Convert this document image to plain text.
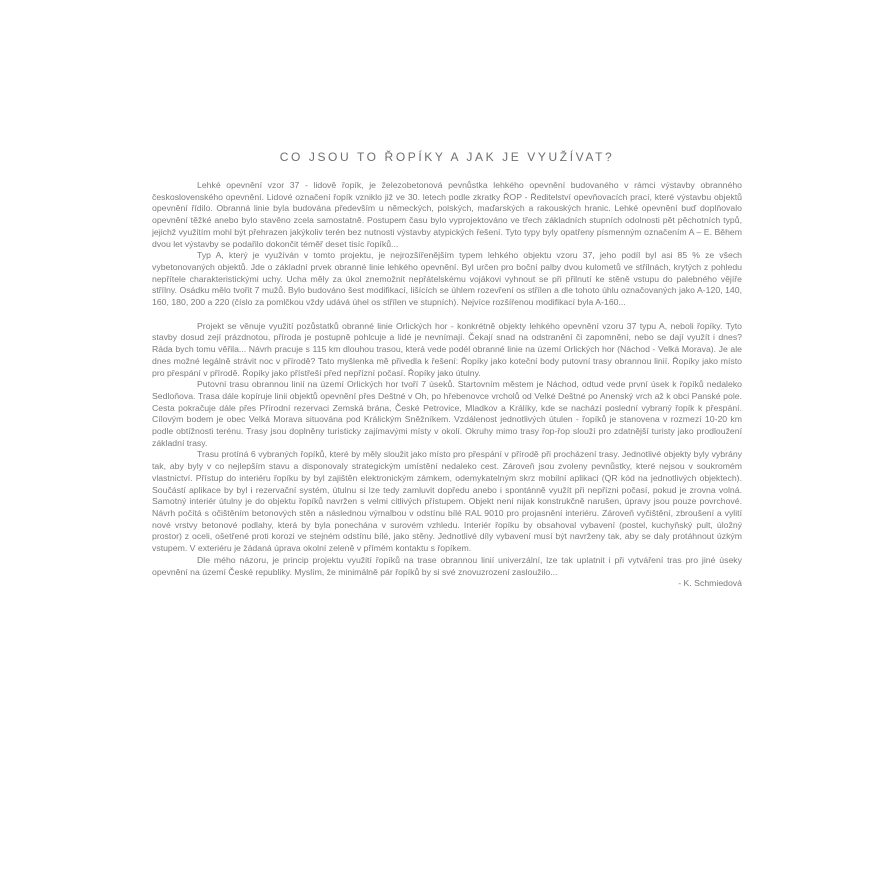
CO JSOU TO ŘOPÍKY A JAK JE VYUŽÍVAT?

Lehké opevnění vzor 37 - lidově řopík, je železobetonová pevnůstka lehkého opevnění budovaného v rámci výstavby obranného československého opevnění. Lidové označení řopík vzniklo již ve 30. letech podle zkratky ŘOP - Ředitelství opevňovacích prací, které výstavbu objektů opevnění řídilo. Obranná linie byla budována především u německých, polských, maďarských a rakouských hranic. Lehké opevnění buď doplňovalo opevnění těžké anebo bylo stavěno zcela samostatně. Postupem času bylo vyprojektováno ve třech základních stupních odolnosti pět pěchotních typů, jejichž využitím mohl být přehrazen jakýkoliv terén bez nutnosti výstavby atypických řešení. Tyto typy byly opatřeny písmenným označením A – E. Během dvou let výstavby se podařilo dokončit téměř deset tisíc řopíků...

Typ A, který je využíván v tomto projektu, je nejrozšířenějším typem lehkého objektu vzoru 37, jeho podíl byl asi 85 % ze všech vybetonovaných objektů. Jde o základní prvek obranné linie lehkého opevnění. Byl určen pro boční palby dvou kulometů ve střílnách, krytých z pohledu nepřítele charakteristickými uchy. Ucha měly za úkol znemožnit nepřátelskému vojákovi vyhnout se při přilnutí ke stěně vstupu do palebného vějíře střílny. Osádku mělo tvořit 7 mužů. Bylo budováno šest modifikací, lišících se úhlem rozevření os střílen a dle tohoto úhlu označovaných jako A-120, 140, 160, 180, 200 a 220 (číslo za pomlčkou vždy udává úhel os střílen ve stupních). Nejvíce rozšířenou modifikací byla A-160...

Projekt se věnuje využití pozůstatků obranné linie Orlických hor - konkrétně objekty lehkého opevnění vzoru 37 typu A, neboli řopíky. Tyto stavby dosud zejí prázdnotou, příroda je postupně pohlcuje a lidé je nevnímají. Čekají snad na odstranění či zapomnění, nebo se dají využít i dnes? Ráda bych tomu věřila... Návrh pracuje s 115 km dlouhou trasou, která vede podél obranné linie na území Orlických hor (Náchod - Velká Morava). Je ale dnes možné legálně strávit noc v přírodě? Tato myšlenka mě přivedla k řešení: Řopíky jako koteční body putovní trasy obrannou linií. Řopíky jako místo pro přespání v přírodě. Řopíky jako přístřeší před nepřízní počasí. Řopíky jako útulny.

Putovní trasu obrannou linií na území Orlických hor tvoří 7 úseků. Startovním městem je Náchod, odtud vede první úsek k řopíků nedaleko Sedloňova. Trasa dále kopíruje linii objektů opevnění přes Deštné v Oh, po hřebenovce vrcholů od Velké Deštné po Anenský vrch až k obci Panské pole. Cesta pokračuje dále přes Přírodní rezervaci Zemská brána, České Petrovice, Mladkov a Králíky, kde se nachází poslední vybraný řopík k přespání. Cílovým bodem je obec Velká Morava situována pod Králickým Sněžníkem. Vzdálenost jednotlivých útulen - řopíků je stanovena v rozmezí 10-20 km podle obtížnosti terénu. Trasy jsou doplněny turisticky zajímavými místy v okolí. Okruhy mimo trasy řop-řop slouží pro zdatnější turisty jako prodloužení základní trasy.

Trasu protíná 6 vybraných řopíků, které by měly sloužit jako místo pro přespání v přírodě při procházení trasy. Jednotlivé objekty byly vybrány tak, aby byly v co nejlepším stavu a disponovaly strategickým umístění nedaleko cest. Zároveň jsou zvoleny pevnůstky, které nejsou v soukromém vlastnictví. Přístup do interiéru řopíku by byl zajištěn elektronickým zámkem, odemykatelným skrz mobilní aplikaci (QR kód na jednotlivých objektech). Součástí aplikace by byl i rezervační systém, útulnu si lze tedy zamluvit dopředu anebo i spontánně využít při nepřízni počasí, pokud je zrovna volná. Samotný interiér útulny je do objektu řopíků navržen s velmi citlivých přístupem. Objekt není nijak konstrukčně narušen, úpravy jsou pouze povrchové. Návrh počítá s očištěním betonových stěn a následnou výmalbou v odstínu bílé RAL 9010 pro projasnění interiéru. Zároveň vyčištění, zbroušení a vylití nové vrstvy betonové podlahy, která by byla ponechána v surovém vzhledu. Interiér řopíku by obsahoval vybavení (postel, kuchyňský pult, úložný prostor) z oceli, ošetřené proti korozi ve stejném odstínu bílé, jako stěny. Jednotlivé díly vybavení musí být navrženy tak, aby se daly protáhnout úzkým vstupem. V exteriéru je žádaná úprava okolní zeleně v přímém kontaktu s řopíkem.

Dle mého názoru, je princip projektu využití řopíků na trase obrannou linií univerzální, lze tak uplatnit i při vytváření tras pro jiné úseky opevnění na území České republiky. Myslím, že minimálně pár řopíků by si své znovuzrození zasloužilo...

- K. Schmiedová
